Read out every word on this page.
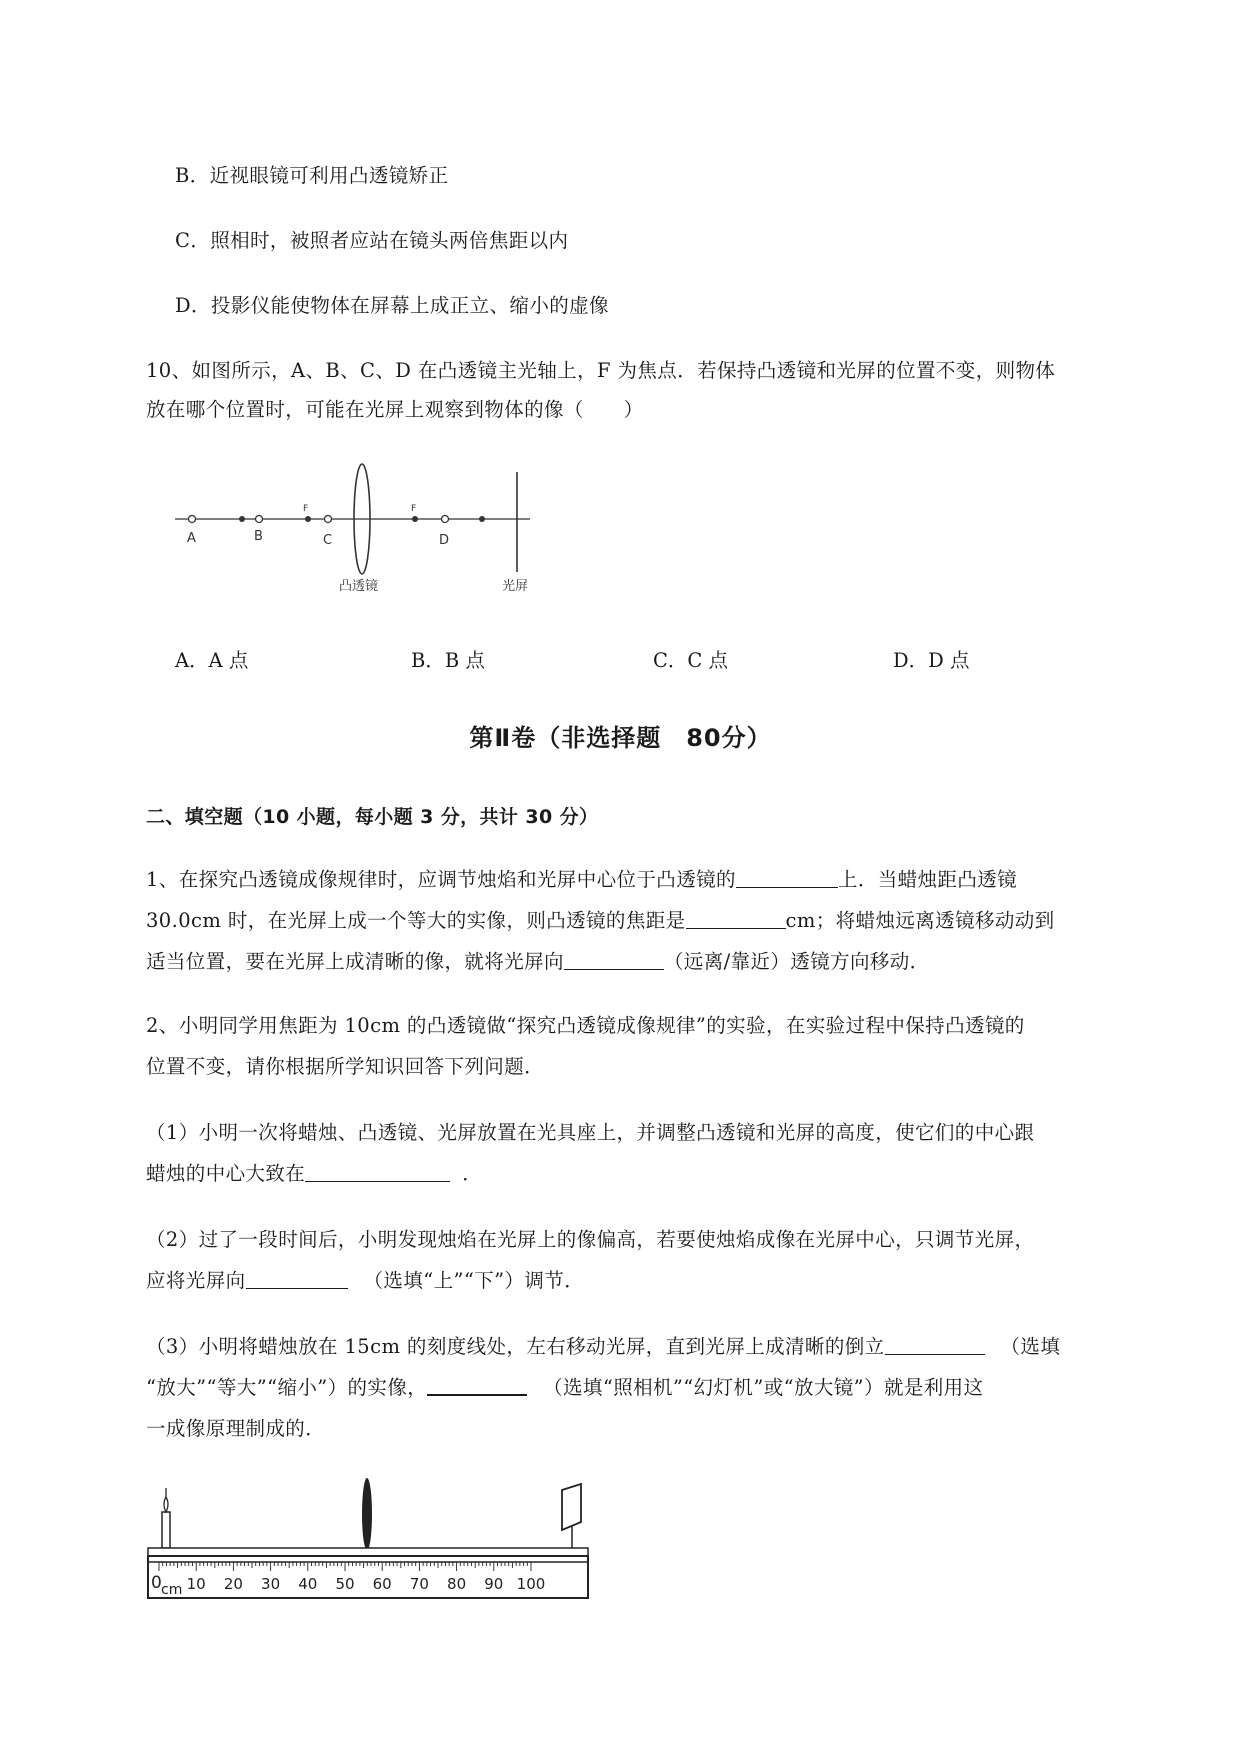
B．近视眼镜可利用凸透镜矫正
C．照相时，被照者应站在镜头两倍焦距以内
D．投影仪能使物体在屏幕上成正立、缩小的虚像
10、如图所示，A、B、C、D 在凸透镜主光轴上，F 为焦点．若保持凸透镜和光屏的位置不变，则物体
放在哪个位置时，可能在光屏上观察到物体的像（　　）
A	B
F
C
F
D
凸透镜	光屏
A．A 点	B．B 点	C．C 点	D．D 点
第Ⅱ卷（非选择题　80分）
二、填空题（10 小题，每小题 3 分，共计 30 分）
1、在探究凸透镜成像规律时，应调节烛焰和光屏中心位于凸透镜的	上．当蜡烛距凸透镜
30.0cm 时，在光屏上成一个等大的实像，则凸透镜的焦距是	cm；将蜡烛远离透镜移动动到
适当位置，要在光屏上成清晰的像，就将光屏向	（远离/靠近）透镜方向移动．
2、小明同学用焦距为 10cm 的凸透镜做“探究凸透镜成像规律”的实验，在实验过程中保持凸透镜的
位置不变，请你根据所学知识回答下列问题．
（1）小明一次将蜡烛、凸透镜、光屏放置在光具座上，并调整凸透镜和光屏的高度，使它们的中心跟
蜡烛的中心大致在	．
（2）过了一段时间后，小明发现烛焰在光屏上的像偏高，若要使烛焰成像在光屏中心，只调节光屏，
应将光屏向	（选填“上”“下”）调节．
（3）小明将蜡烛放在 15cm 的刻度线处，左右移动光屏，直到光屏上成清晰的倒立	（选填
“放大”“等大”“缩小”）的实像，	（选填“照相机”“幻灯机”或“放大镜”）就是利用这
一成像原理制成的．
0 cm 10 20 30 40 50 60 70 80 90 100
